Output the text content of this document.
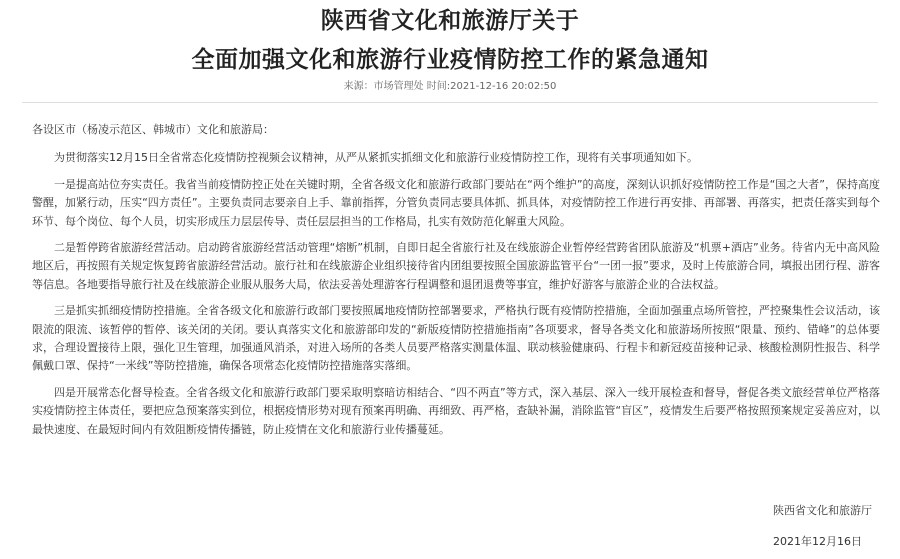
陕西省文化和旅游厅关于
全面加强文化和旅游行业疫情防控工作的紧急通知
来源：市场管理处 时间:2021-12-16 20:02:50

各设区市（杨凌示范区、韩城市）文化和旅游局：

为贯彻落实12月15日全省常态化疫情防控视频会议精神，从严从紧抓实抓细文化和旅游行业疫情防控工作，现将有关事项通知如下。

一是提高站位夯实责任。我省当前疫情防控正处在关键时期，全省各级文化和旅游行政部门要站在“两个维护”的高度，深刻认识抓好疫情防控工作是“国之大者”，保持高度警醒，加紧行动，压实“四方责任”。主要负责同志要亲自上手、靠前指挥，分管负责同志要具体抓、抓具体，对疫情防控工作进行再安排、再部署、再落实，把责任落实到每个环节、每个岗位、每个人员，切实形成压力层层传导、责任层层担当的工作格局，扎实有效防范化解重大风险。

二是暂停跨省旅游经营活动。启动跨省旅游经营活动管理“熔断”机制，自即日起全省旅行社及在线旅游企业暂停经营跨省团队旅游及“机票+酒店”业务。待省内无中高风险地区后，再按照有关规定恢复跨省旅游经营活动。旅行社和在线旅游企业组织接待省内团组要按照全国旅游监管平台“一团一报”要求，及时上传旅游合同，填报出团行程、游客等信息。各地要指导旅行社及在线旅游企业服从服务大局，依法妥善处理游客行程调整和退团退费等事宜，维护好游客与旅游企业的合法权益。

三是抓实抓细疫情防控措施。全省各级文化和旅游行政部门要按照属地疫情防控部署要求，严格执行既有疫情防控措施，全面加强重点场所管控，严控聚集性会议活动，该限流的限流、该暂停的暂停、该关闭的关闭。要认真落实文化和旅游部印发的“新版疫情防控措施指南”各项要求，督导各类文化和旅游场所按照“限量、预约、错峰”的总体要求，合理设置接待上限，强化卫生管理，加强通风消杀，对进入场所的各类人员要严格落实测量体温、联动核验健康码、行程卡和新冠疫苗接种记录、核酸检测阴性报告、科学佩戴口罩、保持“一米线”等防控措施，确保各项常态化疫情防控措施落实落细。

四是开展常态化督导检查。全省各级文化和旅游行政部门要采取明察暗访相结合、“四不两直”等方式，深入基层、深入一线开展检查和督导，督促各类文旅经营单位严格落实疫情防控主体责任，要把应急预案落实到位，根据疫情形势对现有预案再明确、再细致、再严格，查缺补漏，消除监管“盲区”，疫情发生后要严格按照预案规定妥善应对，以最快速度、在最短时间内有效阻断疫情传播链，防止疫情在文化和旅游行业传播蔓延。

陕西省文化和旅游厅
2021年12月16日
